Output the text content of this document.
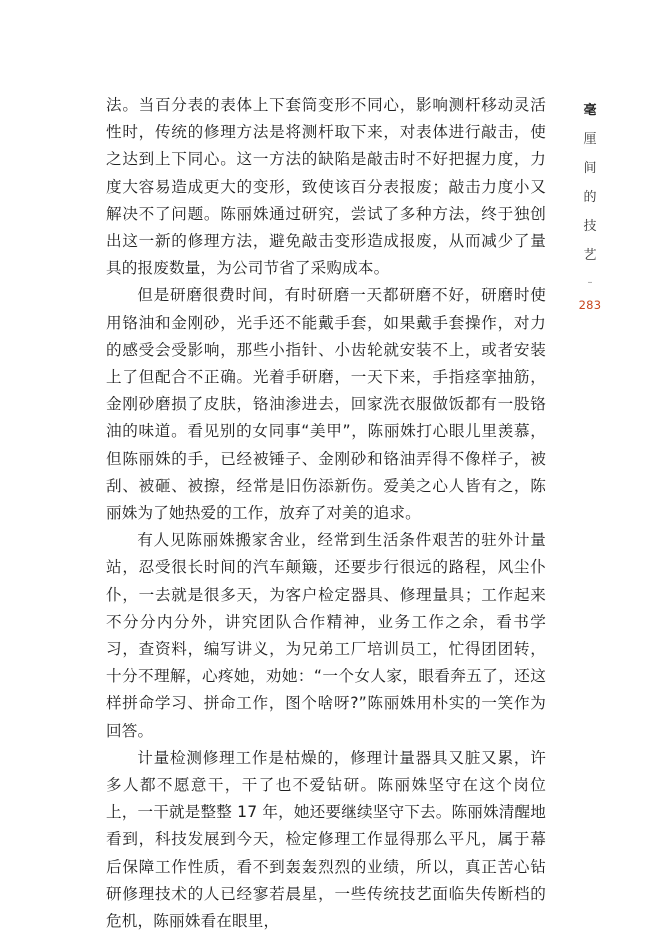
法。当百分表的表体上下套筒变形不同心，影响测杆移动灵活性时，传统的修理方法是将测杆取下来，对表体进行敲击，使之达到上下同心。这一方法的缺陷是敲击时不好把握力度，力度大容易造成更大的变形，致使该百分表报废；敲击力度小又解决不了问题。陈丽姝通过研究，尝试了多种方法，终于独创出这一新的修理方法，避免敲击变形造成报废，从而减少了量具的报废数量，为公司节省了采购成本。

但是研磨很费时间，有时研磨一天都研磨不好，研磨时使用铬油和金刚砂，光手还不能戴手套，如果戴手套操作，对力的感受会受影响，那些小指针、小齿轮就安装不上，或者安装上了但配合不正确。光着手研磨，一天下来，手指痉挛抽筋，金刚砂磨损了皮肤，铬油渗进去，回家洗衣服做饭都有一股铬油的味道。看见别的女同事“美甲”，陈丽姝打心眼儿里羡慕，但陈丽姝的手，已经被锤子、金刚砂和铬油弄得不像样子，被刮、被砸、被擦，经常是旧伤添新伤。爱美之心人皆有之，陈丽姝为了她热爱的工作，放弃了对美的追求。

有人见陈丽姝搬家舍业，经常到生活条件艰苦的驻外计量站，忍受很长时间的汽车颠簸，还要步行很远的路程，风尘仆仆，一去就是很多天，为客户检定器具、修理量具；工作起来不分分内分外，讲究团队合作精神，业务工作之余，看书学习，查资料，编写讲义，为兄弟工厂培训员工，忙得团团转，十分不理解，心疼她，劝她：“一个女人家，眼看奔五了，还这样拼命学习、拼命工作，图个啥呀?”陈丽姝用朴实的一笑作为回答。

计量检测修理工作是枯燥的，修理计量器具又脏又累，许多人都不愿意干，干了也不爱钻研。陈丽姝坚守在这个岗位上，一干就是整整 17 年，她还要继续坚守下去。陈丽姝清醒地看到，科技发展到今天，检定修理工作显得那么平凡，属于幕后保障工作性质，看不到轰轰烈烈的业绩，所以，真正苦心钻研修理技术的人已经寥若晨星，一些传统技艺面临失传断档的危机，陈丽姝看在眼里，

毫
厘
间
的
技
艺
–
283
